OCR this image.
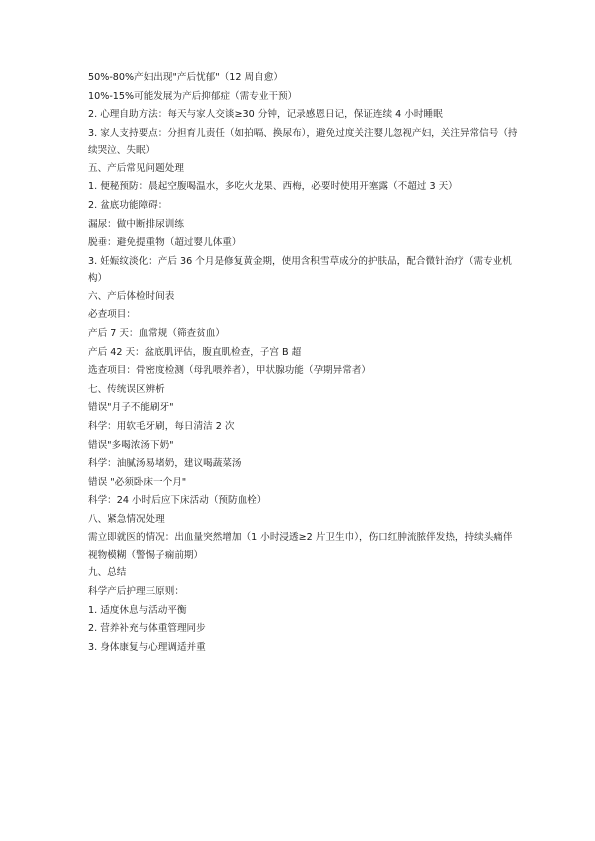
50%-80%产妇出现"产后忧郁"（12 周自愈）

10%-15%可能发展为产后抑郁症（需专业干预）

2. 心理自助方法：每天与家人交谈≥30 分钟，记录感恩日记，保证连续 4 小时睡眠

3. 家人支持要点：分担育儿责任（如拍嗝、换尿布），避免过度关注婴儿忽视产妇，关注异常信号（持续哭泣、失眠）

五、产后常见问题处理

1. 便秘预防：晨起空腹喝温水，多吃火龙果、西梅，必要时使用开塞露（不超过 3 天）

2. 盆底功能障碍：

漏尿：做中断排尿训练

脱垂：避免提重物（超过婴儿体重）

3. 妊娠纹淡化：产后 36 个月是修复黄金期，使用含积雪草成分的护肤品，配合微针治疗（需专业机构）

六、产后体检时间表

必查项目：

产后 7 天：血常规（筛查贫血）

产后 42 天：盆底肌评估，腹直肌检查，子宫 B 超

选查项目：骨密度检测（母乳喂养者），甲状腺功能（孕期异常者）

七、传统误区辨析

错误"月子不能刷牙"

科学：用软毛牙刷，每日清洁 2 次

错误"多喝浓汤下奶"

科学：油腻汤易堵奶，建议喝蔬菜汤

错误 "必须卧床一个月"

科学：24 小时后应下床活动（预防血栓）

八、紧急情况处理

需立即就医的情况：出血量突然增加（1 小时浸透≥2 片卫生巾），伤口红肿流脓伴发热，持续头痛伴视物模糊（警惕子痫前期）

九、总结

科学产后护理三原则：

1. 适度休息与活动平衡

2. 营养补充与体重管理同步

3. 身体康复与心理调适并重
